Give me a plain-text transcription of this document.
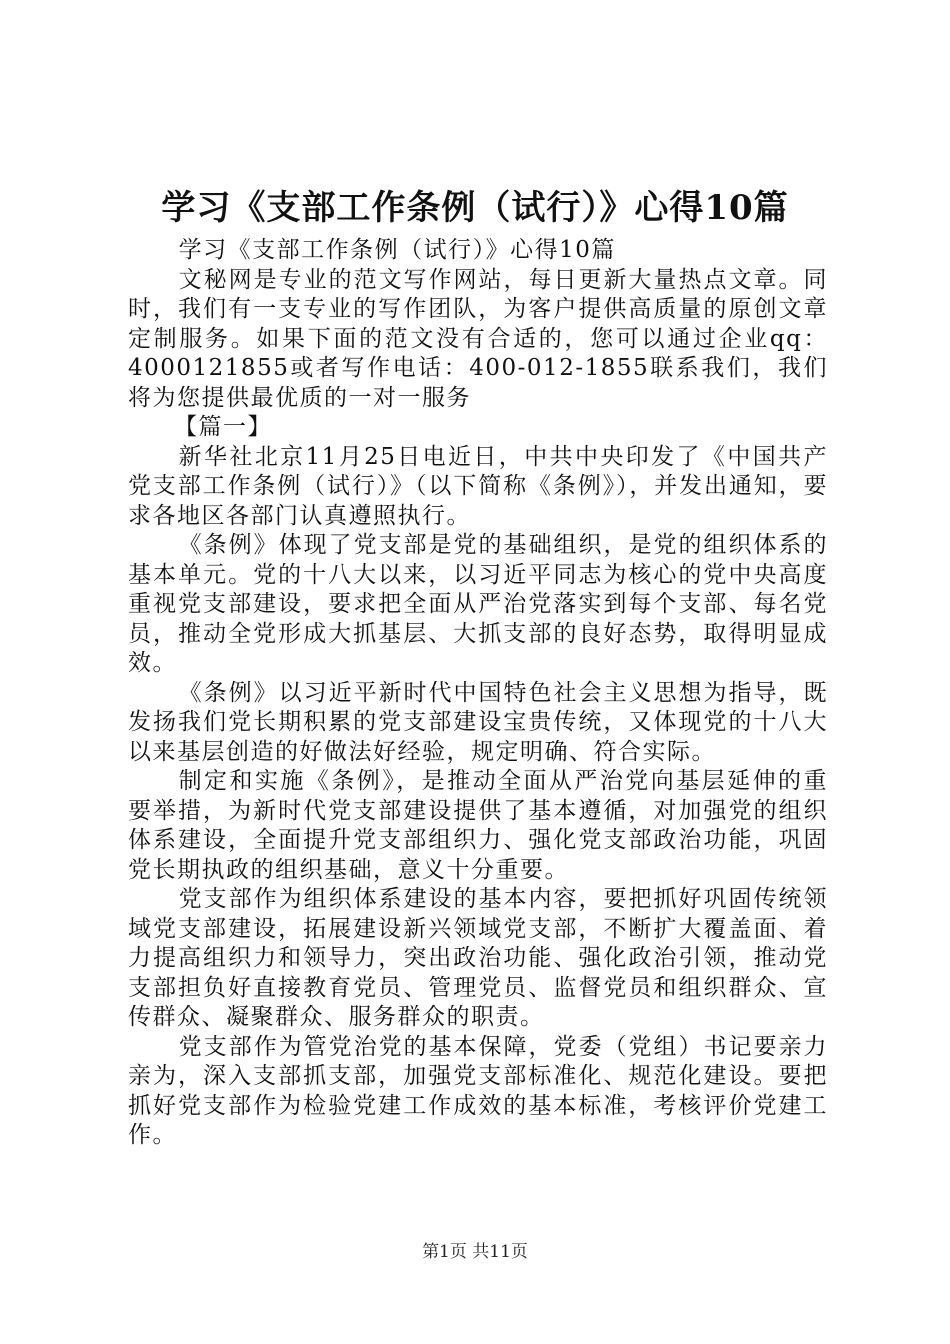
学习《支部工作条例（试行）》心得10篇

学习《支部工作条例（试行）》心得10篇

文秘网是专业的范文写作网站，每日更新大量热点文章。同时，我们有一支专业的写作团队，为客户提供高质量的原创文章定制服务。如果下面的范文没有合适的，您可以通过企业qq：4000121855或者写作电话：400-012-1855联系我们，我们将为您提供最优质的一对一服务

【篇一】

新华社北京11月25日电近日，中共中央印发了《中国共产党支部工作条例（试行）》（以下简称《条例》），并发出通知，要求各地区各部门认真遵照执行。

《条例》体现了党支部是党的基础组织，是党的组织体系的基本单元。党的十八大以来，以习近平同志为核心的党中央高度重视党支部建设，要求把全面从严治党落实到每个支部、每名党员，推动全党形成大抓基层、大抓支部的良好态势，取得明显成效。

《条例》以习近平新时代中国特色社会主义思想为指导，既发扬我们党长期积累的党支部建设宝贵传统，又体现党的十八大以来基层创造的好做法好经验，规定明确、符合实际。

制定和实施《条例》，是推动全面从严治党向基层延伸的重要举措，为新时代党支部建设提供了基本遵循，对加强党的组织体系建设，全面提升党支部组织力、强化党支部政治功能，巩固党长期执政的组织基础，意义十分重要。

党支部作为组织体系建设的基本内容，要把抓好巩固传统领域党支部建设，拓展建设新兴领域党支部，不断扩大覆盖面、着力提高组织力和领导力，突出政治功能、强化政治引领，推动党支部担负好直接教育党员、管理党员、监督党员和组织群众、宣传群众、凝聚群众、服务群众的职责。

党支部作为管党治党的基本保障，党委（党组）书记要亲力亲为，深入支部抓支部，加强党支部标准化、规范化建设。要把抓好党支部作为检验党建工作成效的基本标准，考核评价党建工作。

第1页 共11页
